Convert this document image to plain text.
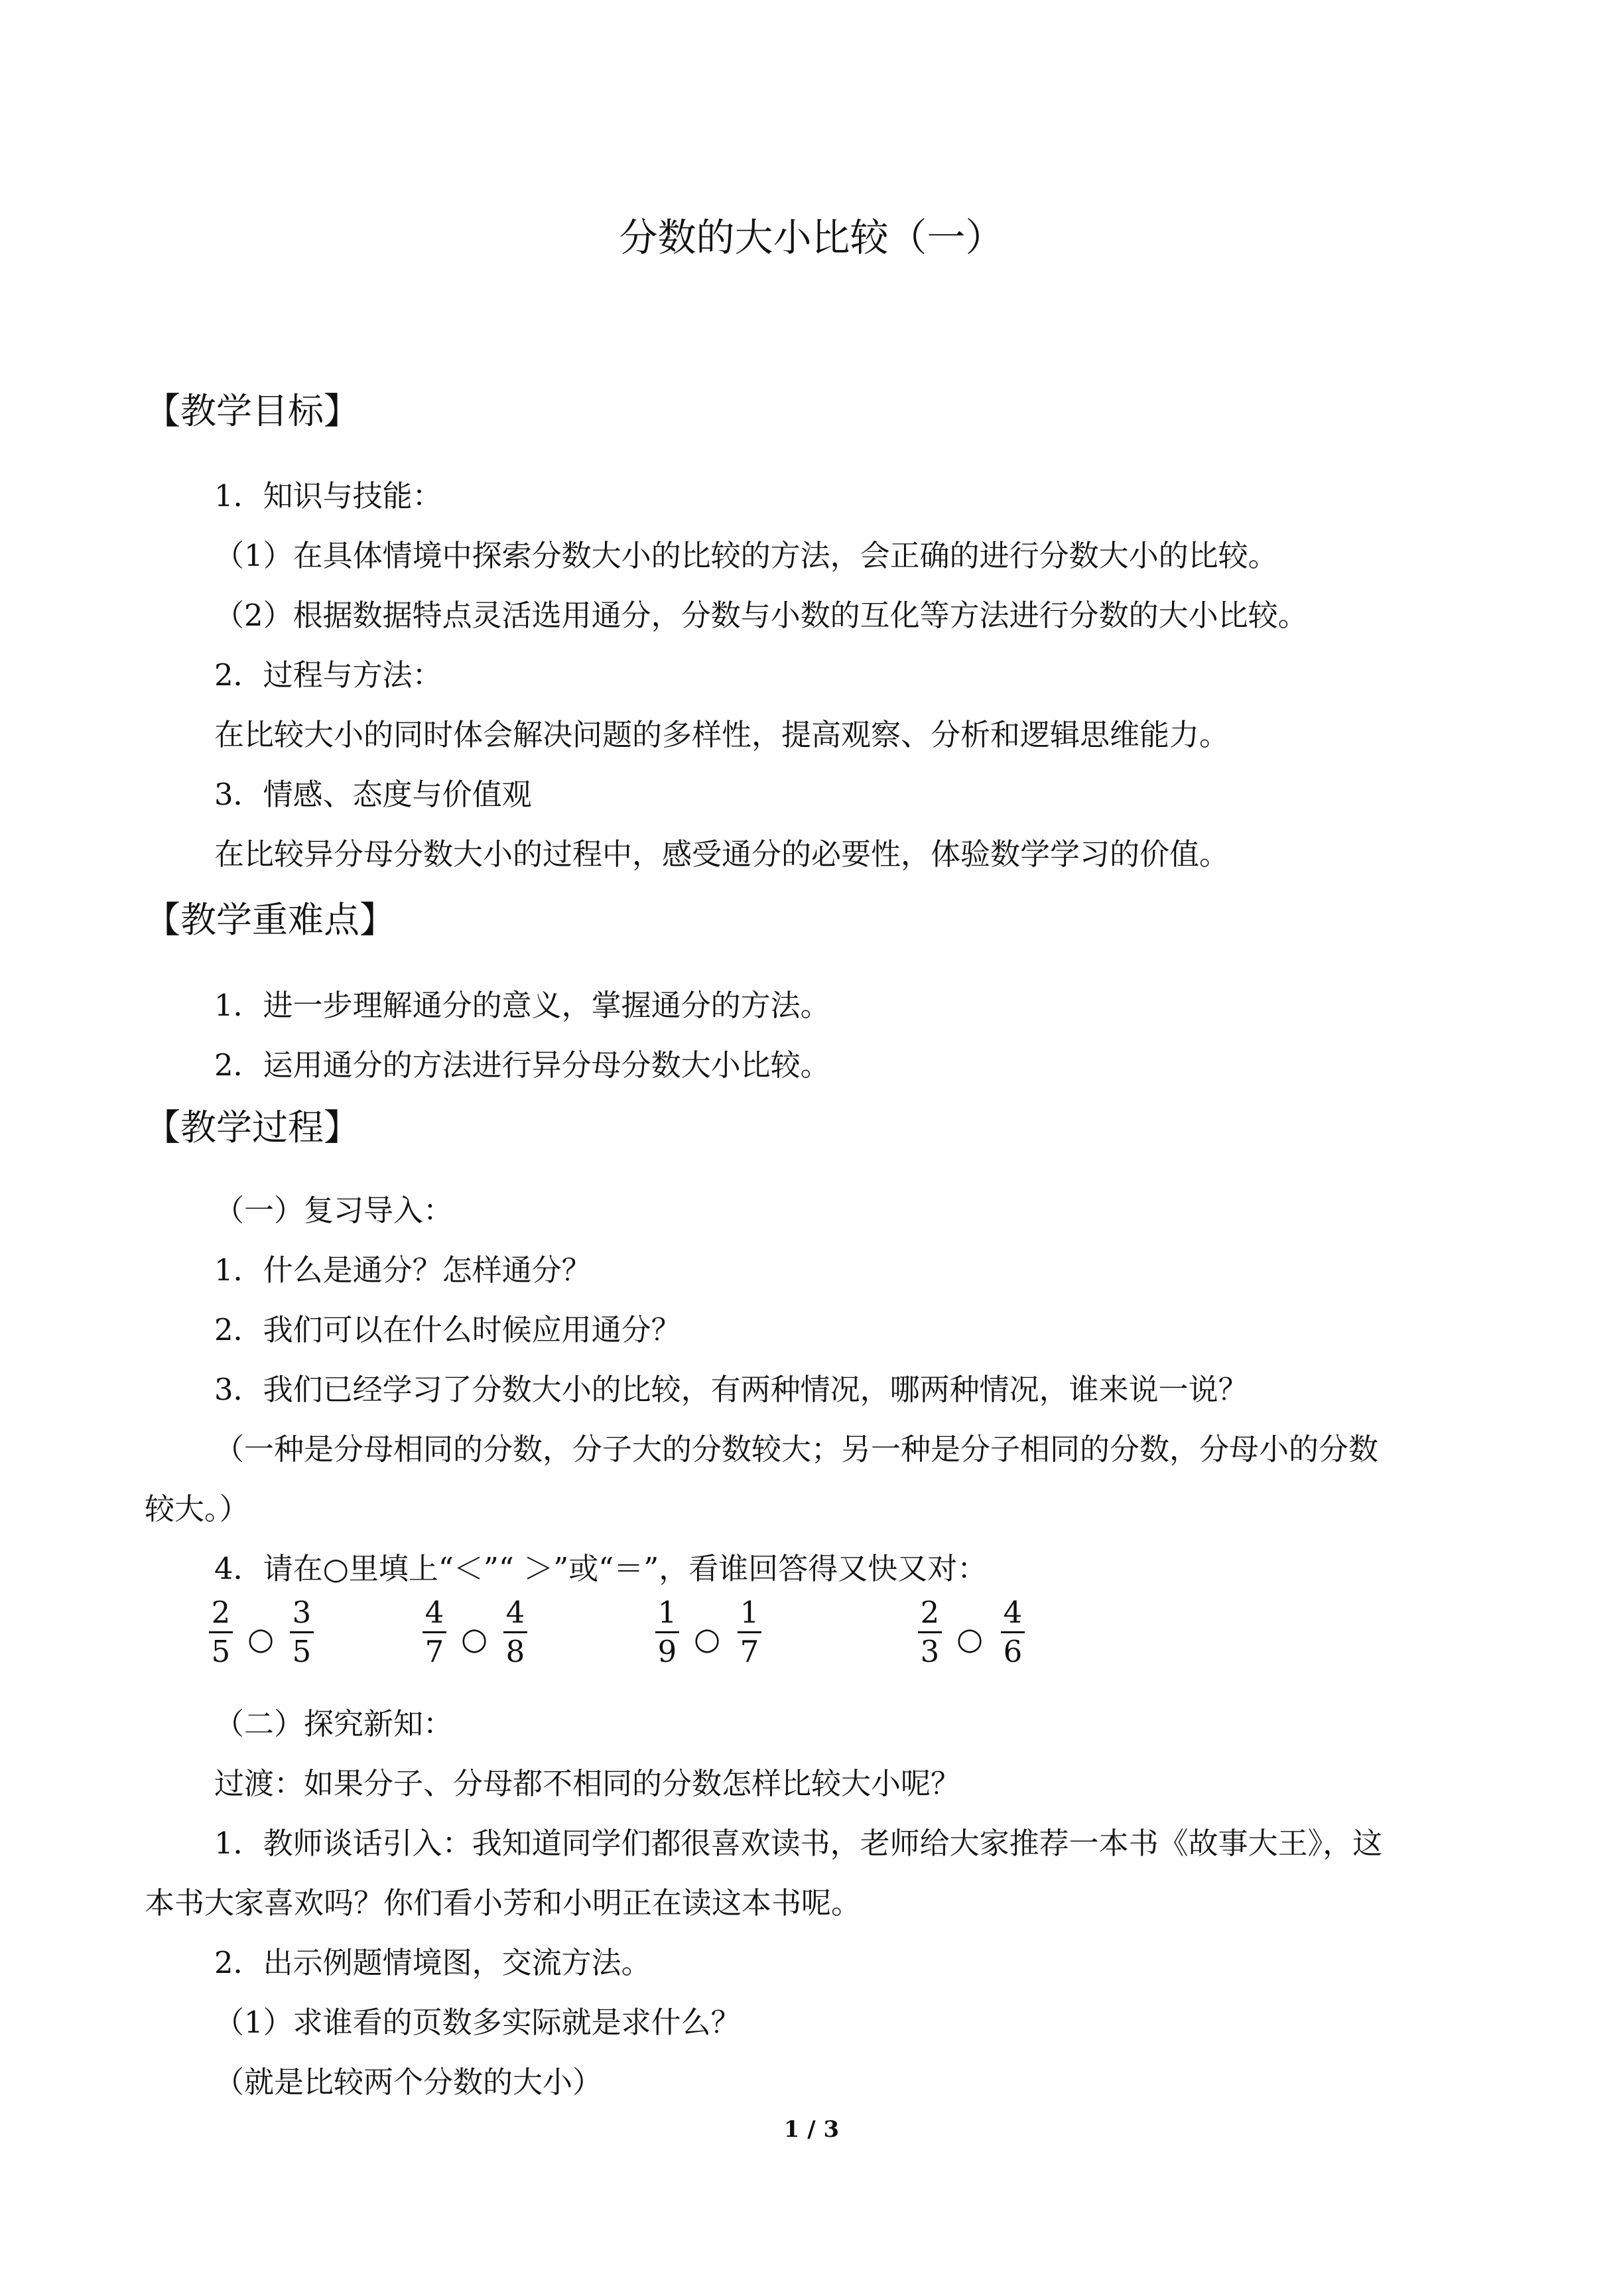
分数的大小比较（一）
【教学目标】
1．知识与技能：
（1）在具体情境中探索分数大小的比较的方法，会正确的进行分数大小的比较。
（2）根据数据特点灵活选用通分，分数与小数的互化等方法进行分数的大小比较。
2．过程与方法：
在比较大小的同时体会解决问题的多样性，提高观察、分析和逻辑思维能力。
3．情感、态度与价值观
在比较异分母分数大小的过程中，感受通分的必要性，体验数学学习的价值。
【教学重难点】
1．进一步理解通分的意义，掌握通分的方法。
2．运用通分的方法进行异分母分数大小比较。
【教学过程】
（一）复习导入：
1．什么是通分？怎样通分？
2．我们可以在什么时候应用通分？
3．我们已经学习了分数大小的比较，有两种情况，哪两种情况，谁来说一说？
（一种是分母相同的分数，分子大的分数较大；另一种是分子相同的分数，分母小的分数
较大。）
4．请在○里填上“＜”“ ＞”或“＝”，看谁回答得又快又对：
2
5 ○
3
5
4
7 ○
4
8
1
9 ○
1
7
2
3 ○
4
6
（二）探究新知：
过渡：如果分子、分母都不相同的分数怎样比较大小呢？
1．教师谈话引入：我知道同学们都很喜欢读书，老师给大家推荐一本书《故事大王》，这
本书大家喜欢吗？你们看小芳和小明正在读这本书呢。
2．出示例题情境图，交流方法。
（1）求谁看的页数多实际就是求什么？
（就是比较两个分数的大小）
1 / 3
